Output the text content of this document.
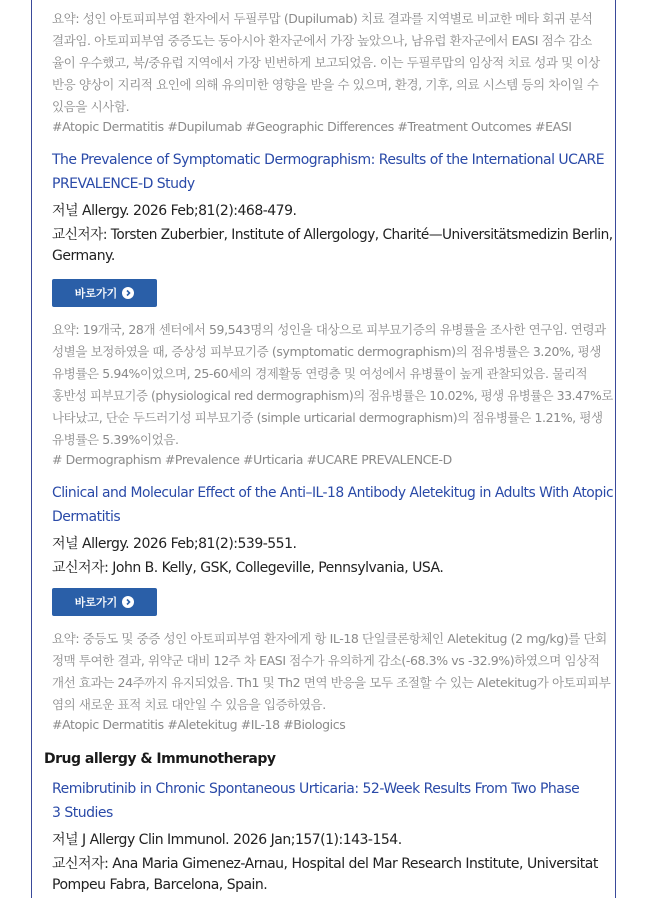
요약: 성인 아토피피부염 환자에서 두필루맙 (Dupilumab) 치료 결과를 지역별로 비교한 메타 회귀 분석
결과임. 아토피피부염 중증도는 동아시아 환자군에서 가장 높았으나, 남유럽 환자군에서 EASI 점수 감소
율이 우수했고, 북/중유럽 지역에서 가장 빈번하게 보고되었음. 이는 두필루맙의 임상적 치료 성과 및 이상
반응 양상이 지리적 요인에 의해 유의미한 영향을 받을 수 있으며, 환경, 기후, 의료 시스템 등의 차이일 수
있음을 시사함.
#Atopic Dermatitis #Dupilumab #Geographic Differences #Treatment Outcomes #EASI
The Prevalence of Symptomatic Dermographism: Results of the International UCARE
PREVALENCE-D Study
저널 Allergy. 2026 Feb;81(2):468-479.
교신저자: Torsten Zuberbier, Institute of Allergology, Charité—Universitätsmedizin Berlin,
Germany.
바로가기
요약: 19개국, 28개 센터에서 59,543명의 성인을 대상으로 피부묘기증의 유병률을 조사한 연구임. 연령과
성별을 보정하였을 때, 증상성 피부묘기증 (symptomatic dermographism)의 점유병률은 3.20%, 평생
유병률은 5.94%이었으며, 25-60세의 경제활동 연령층 및 여성에서 유병률이 높게 관찰되었음. 물리적
홍반성 피부묘기증 (physiological red dermographism)의 점유병률은 10.02%, 평생 유병률은 33.47%로
나타났고, 단순 두드러기성 피부묘기증 (simple urticarial dermographism)의 점유병률은 1.21%, 평생
유병률은 5.39%이었음.
# Dermographism #Prevalence #Urticaria #UCARE PREVALENCE-D
Clinical and Molecular Effect of the Anti–IL-18 Antibody Aletekitug in Adults With Atopic
Dermatitis
저널 Allergy. 2026 Feb;81(2):539-551.
교신저자: John B. Kelly, GSK, Collegeville, Pennsylvania, USA.
바로가기
요약: 중등도 및 중증 성인 아토피피부염 환자에게 항 IL-18 단일클론항체인 Aletekitug (2 mg/kg)를 단회
정맥 투여한 결과, 위약군 대비 12주 차 EASI 점수가 유의하게 감소(-68.3% vs -32.9%)하였으며 임상적
개선 효과는 24주까지 유지되었음. Th1 및 Th2 면역 반응을 모두 조절할 수 있는 Aletekitug가 아토피피부
염의 새로운 표적 치료 대안일 수 있음을 입증하였음.
#Atopic Dermatitis #Aletekitug #IL-18 #Biologics
Drug allergy & Immunotherapy
Remibrutinib in Chronic Spontaneous Urticaria: 52-Week Results From Two Phase
3 Studies
저널 J Allergy Clin Immunol. 2026 Jan;157(1):143-154.
교신저자: Ana Maria Gimenez-Arnau, Hospital del Mar Research Institute, Universitat
Pompeu Fabra, Barcelona, Spain.
